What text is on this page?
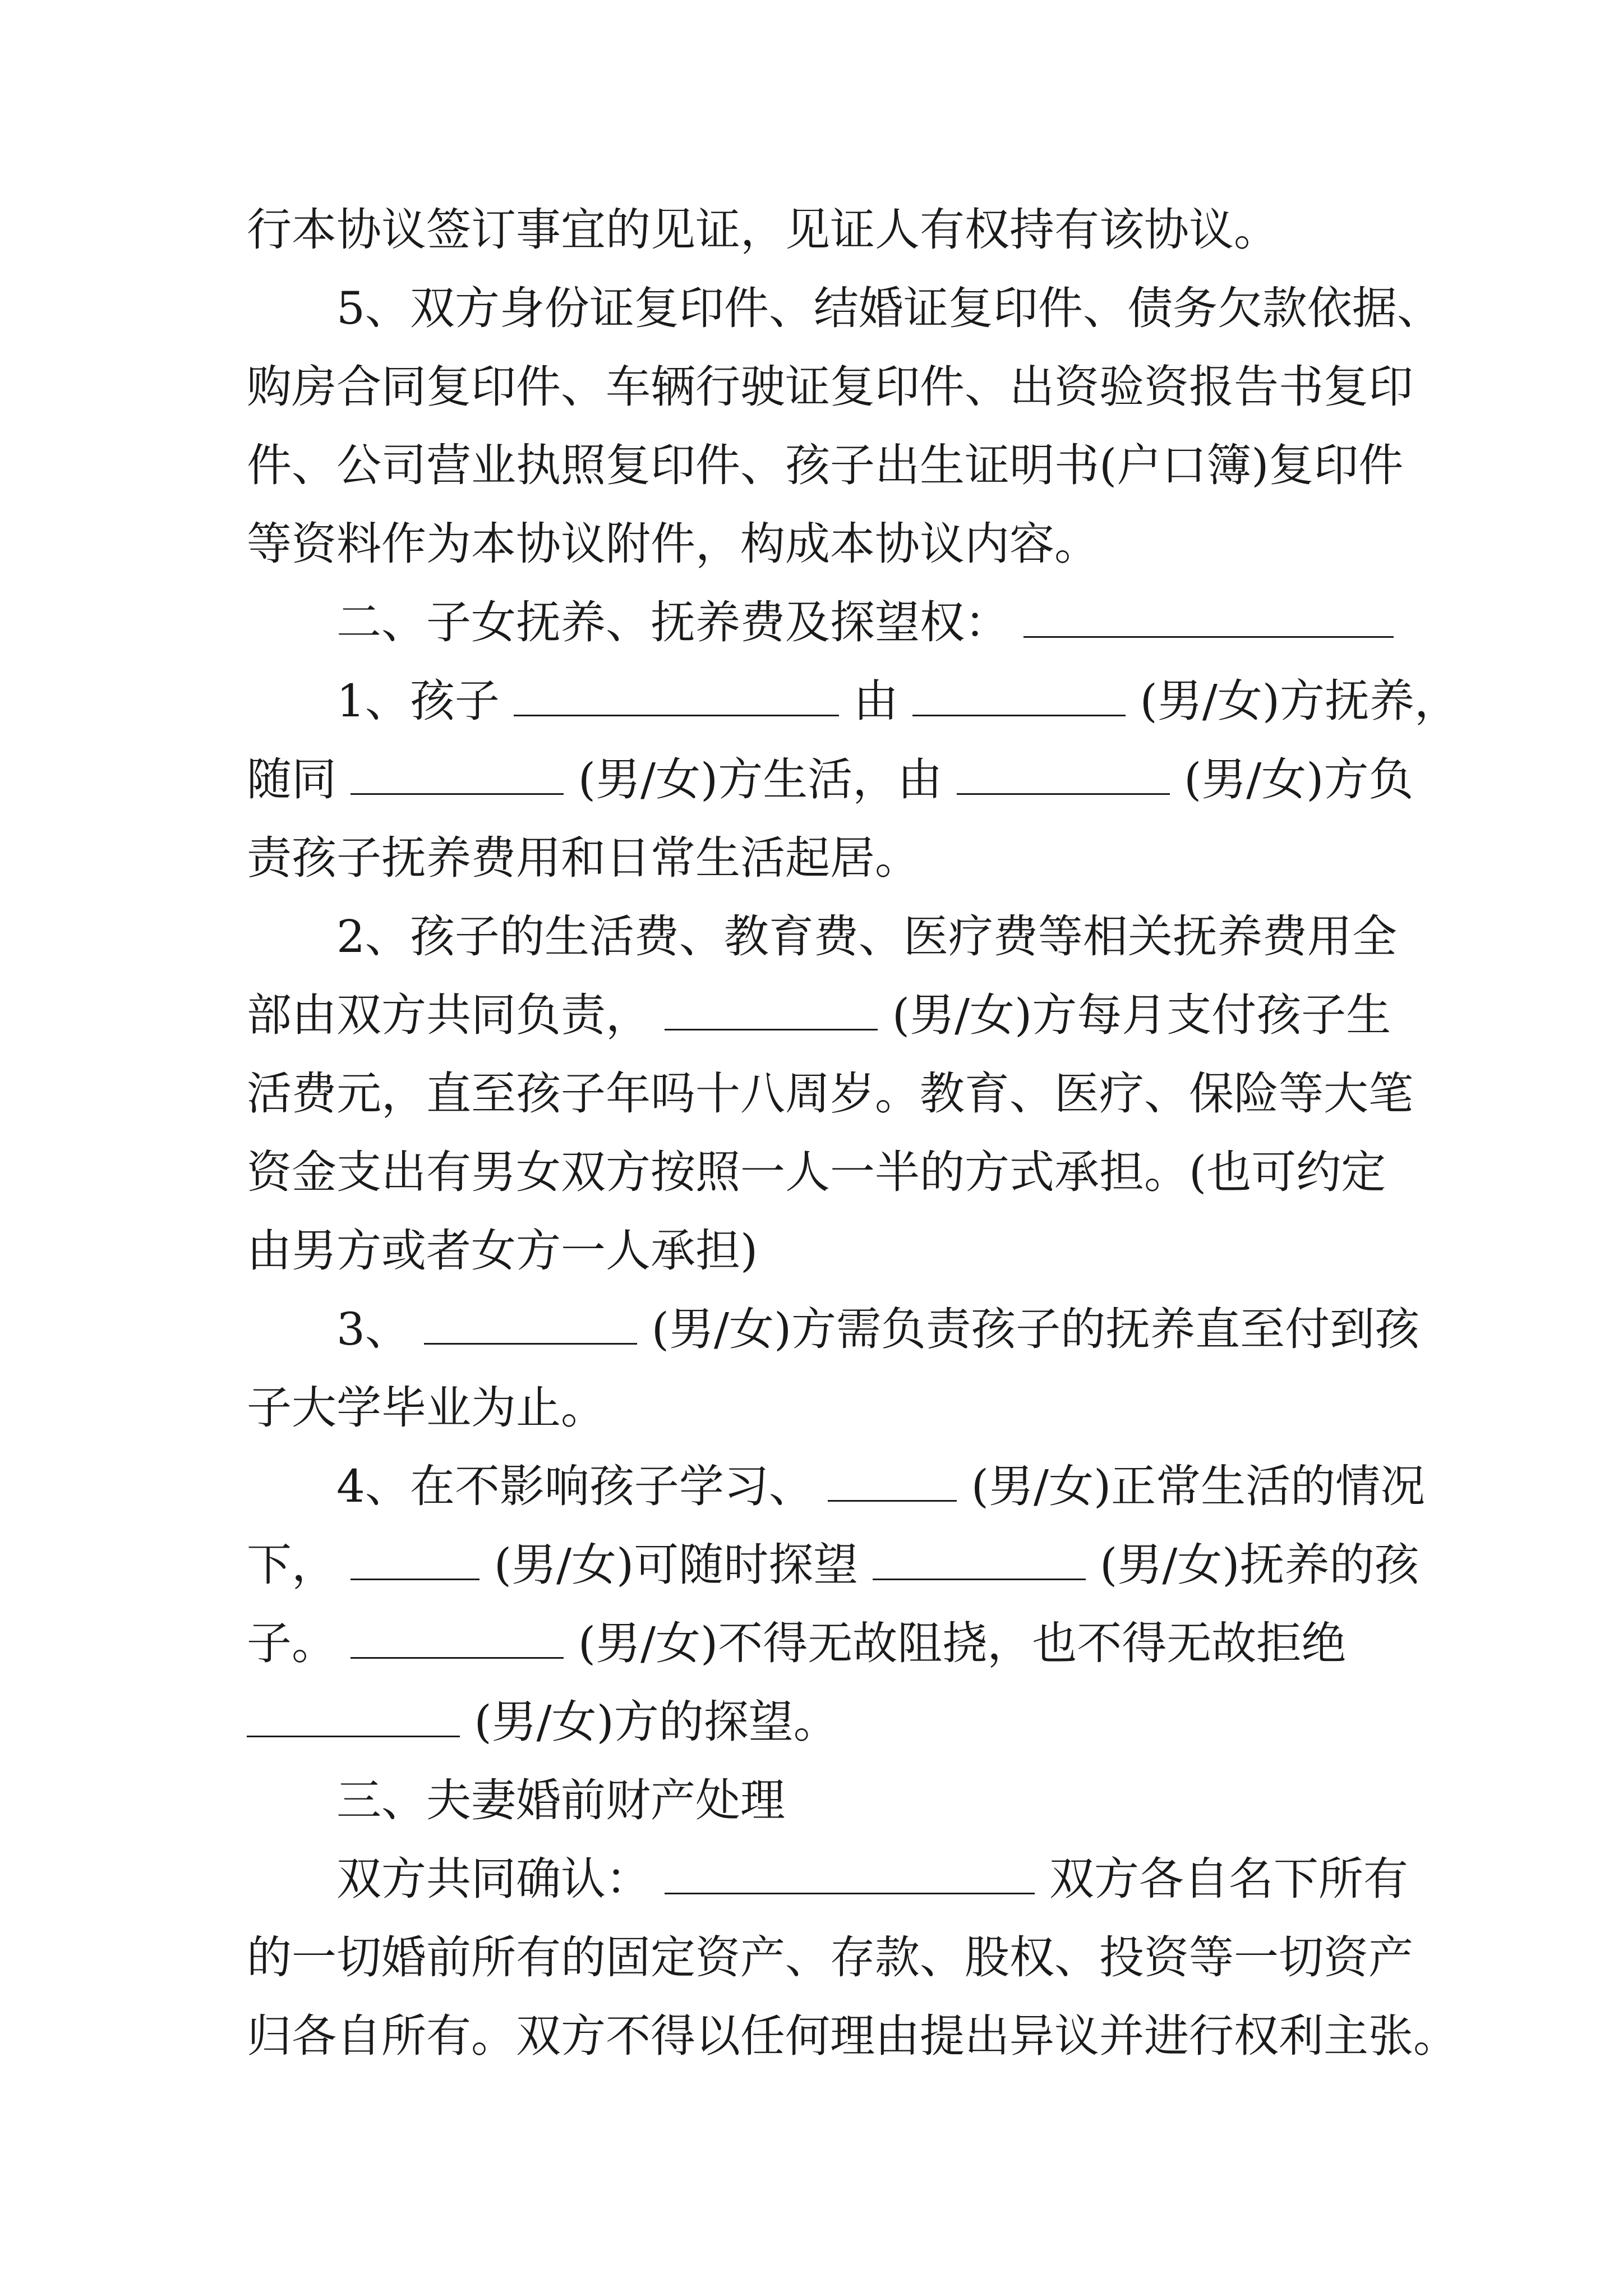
行本协议签订事宜的见证，见证人有权持有该协议。
5、双方身份证复印件、结婚证复印件、债务欠款依据、
购房合同复印件、车辆行驶证复印件、出资验资报告书复印
件、公司营业执照复印件、孩子出生证明书(户口簿)复印件
等资料作为本协议附件，构成本协议内容。
二、子女抚养、抚养费及探望权：
1、孩子	由	(男/女)方抚养，
随同	(男/女)方生活，由	(男/女)方负
责孩子抚养费用和日常生活起居。
2、孩子的生活费、教育费、医疗费等相关抚养费用全
部由双方共同负责，	(男/女)方每月支付孩子生
活费元，直至孩子年吗十八周岁。教育、医疗、保险等大笔
资金支出有男女双方按照一人一半的方式承担。(也可约定
由男方或者女方一人承担)
3、	(男/女)方需负责孩子的抚养直至付到孩
子大学毕业为止。
4、在不影响孩子学习、	(男/女)正常生活的情况
下，	(男/女)可随时探望	(男/女)抚养的孩
子。	(男/女)不得无故阻挠，也不得无故拒绝
(男/女)方的探望。
三、夫妻婚前财产处理
双方共同确认：	双方各自名下所有
的一切婚前所有的固定资产、存款、股权、投资等一切资产
归各自所有。双方不得以任何理由提出异议并进行权利主张。
